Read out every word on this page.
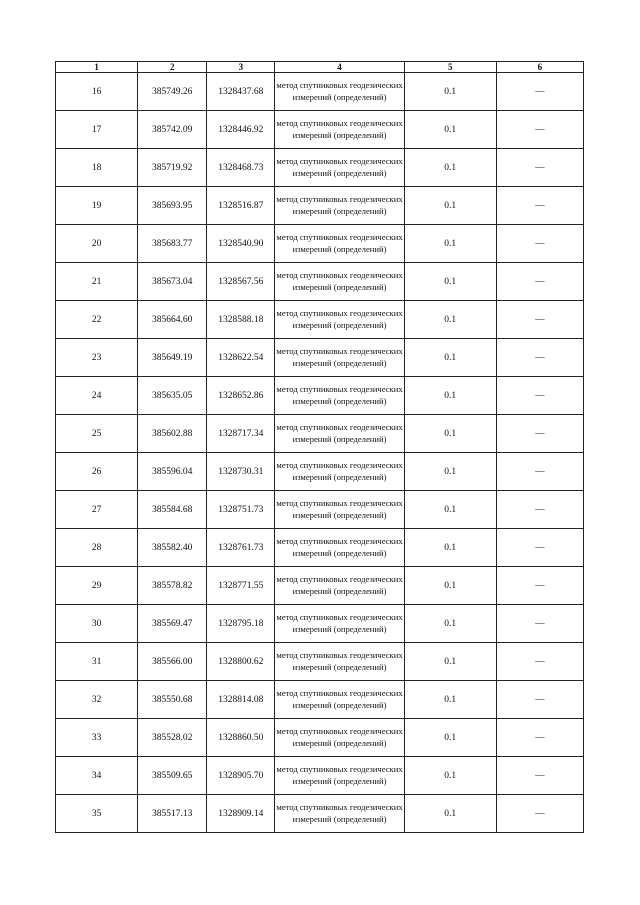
1	2	3	4	5	6
16	385749.26	1328437.68	метод спутниковых геодезических измерений (определений)	0.1	—
17	385742.09	1328446.92	метод спутниковых геодезических измерений (определений)	0.1	—
18	385719.92	1328468.73	метод спутниковых геодезических измерений (определений)	0.1	—
19	385693.95	1328516.87	метод спутниковых геодезических измерений (определений)	0.1	—
20	385683.77	1328540.90	метод спутниковых геодезических измерений (определений)	0.1	—
21	385673.04	1328567.56	метод спутниковых геодезических измерений (определений)	0.1	—
22	385664.60	1328588.18	метод спутниковых геодезических измерений (определений)	0.1	—
23	385649.19	1328622.54	метод спутниковых геодезических измерений (определений)	0.1	—
24	385635.05	1328652.86	метод спутниковых геодезических измерений (определений)	0.1	—
25	385602.88	1328717.34	метод спутниковых геодезических измерений (определений)	0.1	—
26	385596.04	1328730.31	метод спутниковых геодезических измерений (определений)	0.1	—
27	385584.68	1328751.73	метод спутниковых геодезических измерений (определений)	0.1	—
28	385582.40	1328761.73	метод спутниковых геодезических измерений (определений)	0.1	—
29	385578.82	1328771.55	метод спутниковых геодезических измерений (определений)	0.1	—
30	385569.47	1328795.18	метод спутниковых геодезических измерений (определений)	0.1	—
31	385566.00	1328800.62	метод спутниковых геодезических измерений (определений)	0.1	—
32	385550.68	1328814.08	метод спутниковых геодезических измерений (определений)	0.1	—
33	385528.02	1328860.50	метод спутниковых геодезических измерений (определений)	0.1	—
34	385509.65	1328905.70	метод спутниковых геодезических измерений (определений)	0.1	—
35	385517.13	1328909.14	метод спутниковых геодезических измерений (определений)	0.1	—
